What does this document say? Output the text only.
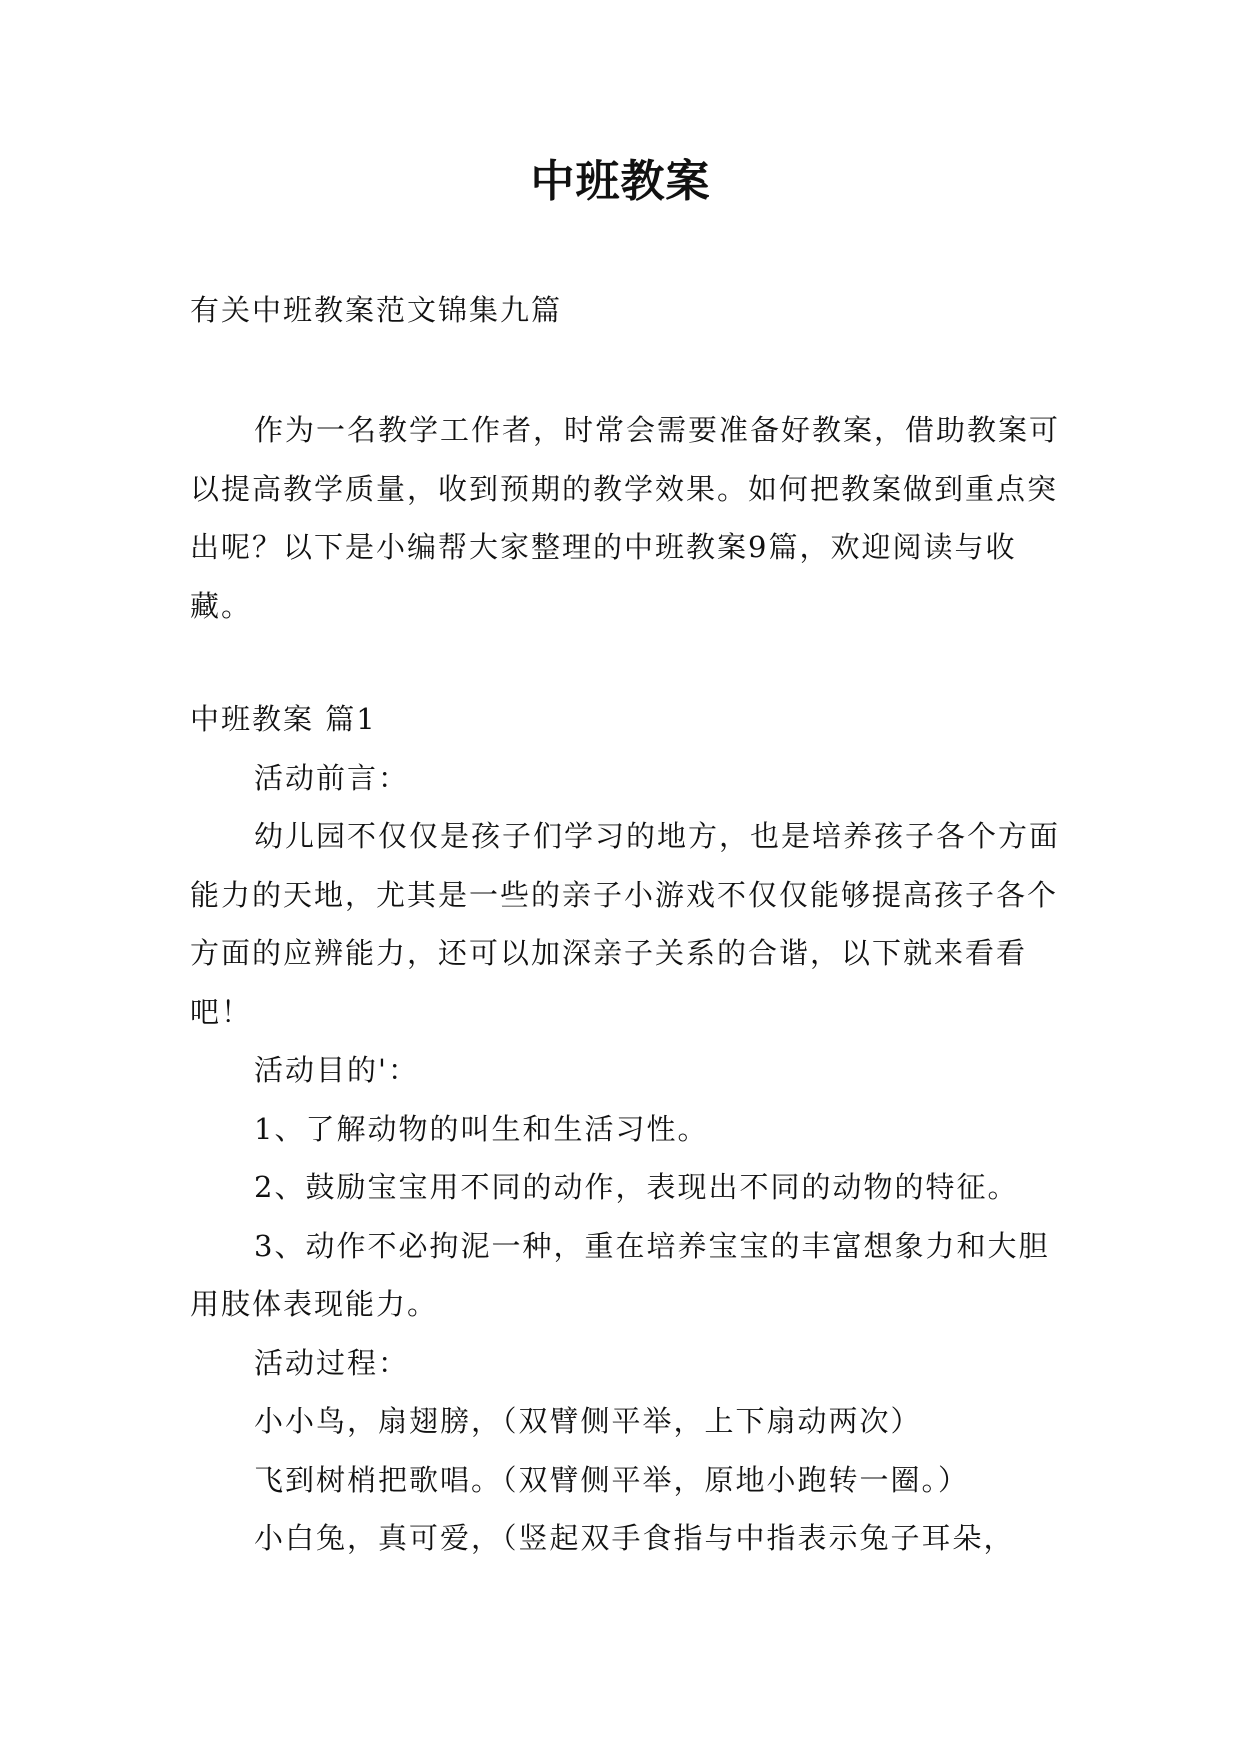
中班教案
有关中班教案范文锦集九篇
作为一名教学工作者，时常会需要准备好教案，借助教案可以提高教学质量，收到预期的教学效果。如何把教案做到重点突出呢？以下是小编帮大家整理的中班教案9篇，欢迎阅读与收藏。

中班教案 篇1

活动前言：

幼儿园不仅仅是孩子们学习的地方，也是培养孩子各个方面能力的天地，尤其是一些的亲子小游戏不仅仅能够提高孩子各个方面的应辨能力，还可以加深亲子关系的合谐，以下就来看看吧！

活动目的'：

1、了解动物的叫生和生活习性。

2、鼓励宝宝用不同的动作，表现出不同的动物的特征。

3、动作不必拘泥一种，重在培养宝宝的丰富想象力和大胆用肢体表现能力。

活动过程：

小小鸟，扇翅膀，（双臂侧平举，上下扇动两次）

飞到树梢把歌唱。（双臂侧平举，原地小跑转一圈。）

小白兔，真可爱，（竖起双手食指与中指表示兔子耳朵，
